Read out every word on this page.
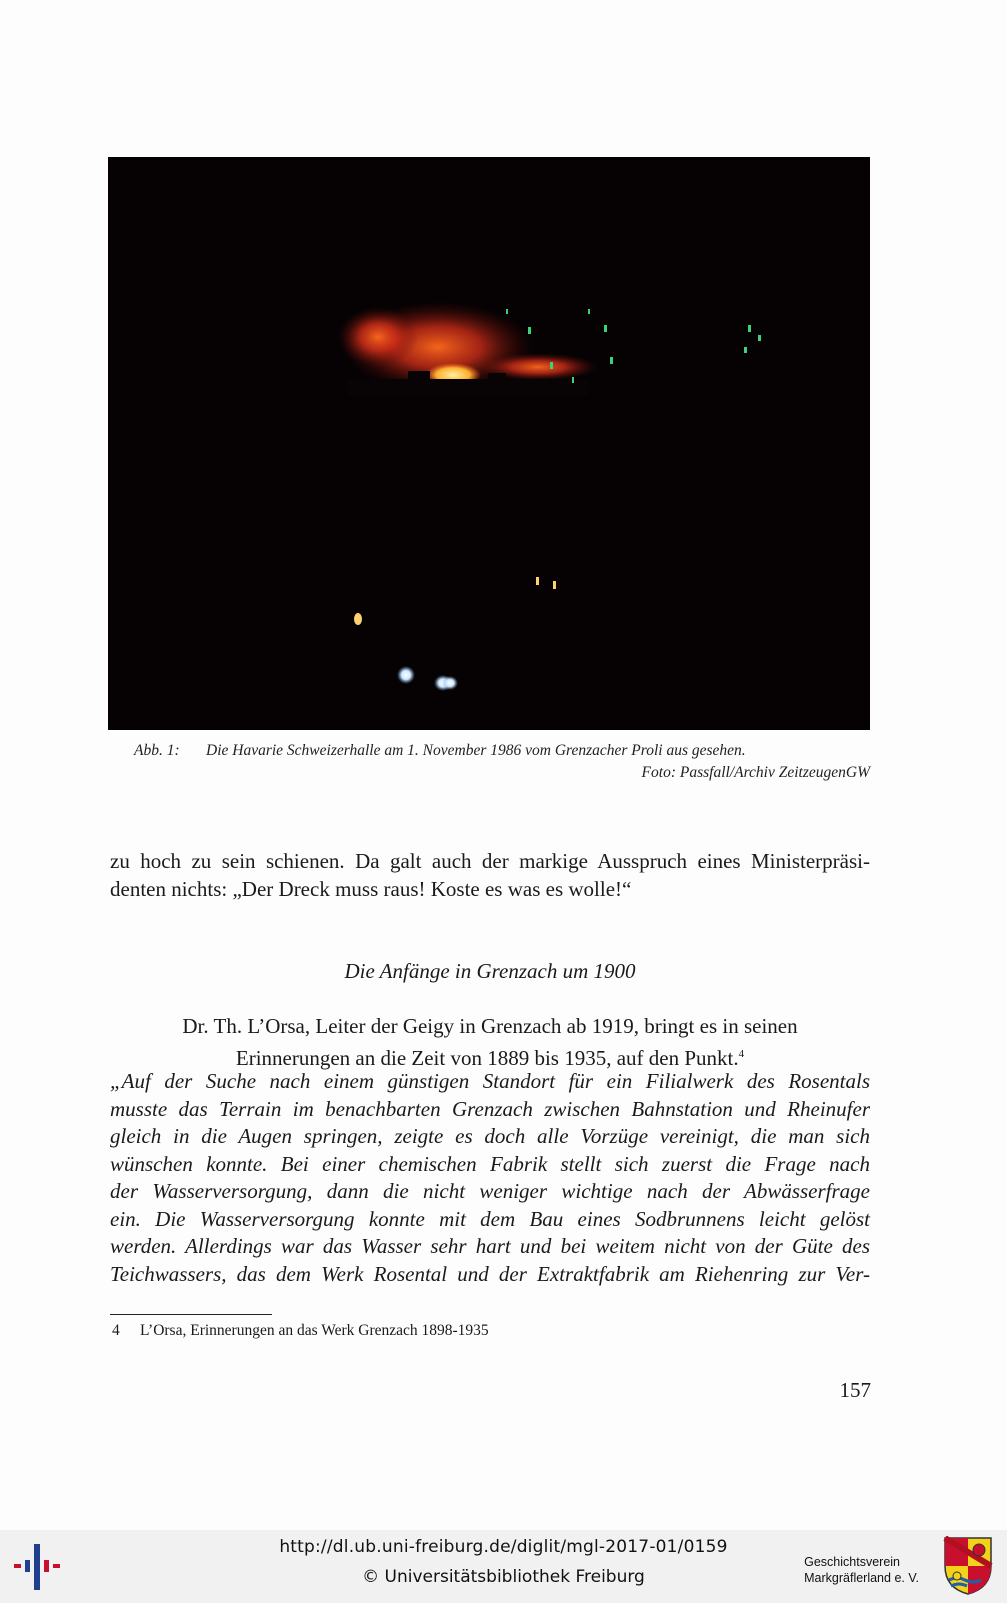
Abb. 1: Die Havarie Schweizerhalle am 1. November 1986 vom Grenzacher Proli aus gesehen.
Foto: Passfall/Archiv ZeitzeugenGW
zu hoch zu sein schienen. Da galt auch der markige Ausspruch eines Ministerpräsi-
denten nichts: „Der Dreck muss raus! Koste es was es wolle!“
Die Anfänge in Grenzach um 1900
Dr. Th. L’Orsa, Leiter der Geigy in Grenzach ab 1919, bringt es in seinen
Erinnerungen an die Zeit von 1889 bis 1935, auf den Punkt.$^4$
„Auf der Suche nach einem günstigen Standort für ein Filialwerk des Rosentals
musste das Terrain im benachbarten Grenzach zwischen Bahnstation und Rheinufer
gleich in die Augen springen, zeigte es doch alle Vorzüge vereinigt, die man sich
wünschen konnte. Bei einer chemischen Fabrik stellt sich zuerst die Frage nach
der Wasserversorgung, dann die nicht weniger wichtige nach der Abwässerfrage
ein. Die Wasserversorgung konnte mit dem Bau eines Sodbrunnens leicht gelöst
werden. Allerdings war das Wasser sehr hart und bei weitem nicht von der Güte des
Teichwassers, das dem Werk Rosental und der Extraktfabrik am Riehenring zur Ver-
4 L’Orsa, Erinnerungen an das Werk Grenzach 1898-1935
157
http://dl.ub.uni-freiburg.de/diglit/mgl-2017-01/0159
© Universitätsbibliothek Freiburg
Geschichtsverein
Markgräflerland e. V.
